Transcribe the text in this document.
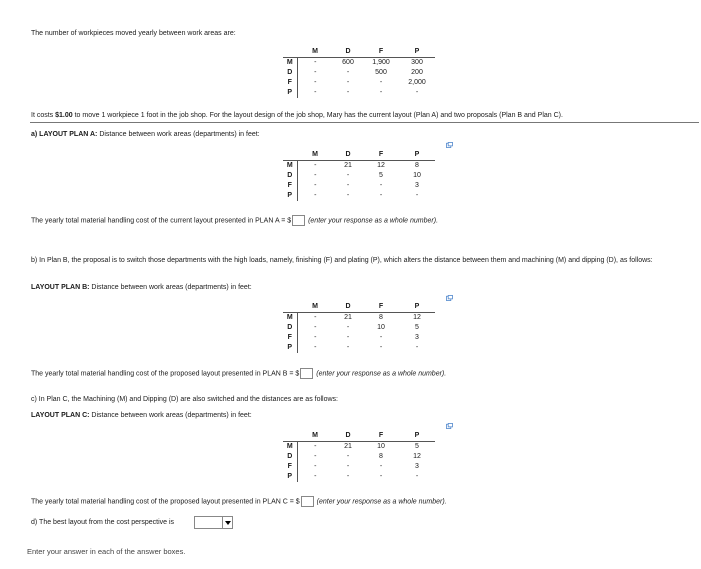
The number of workpieces moved yearly between work areas are:
	M	D	F	P
M	-	600	1,900	300
D	-	-	500	200
F	-	-	-	2,000
P	-	-	-	-
It costs $1.00 to move 1 workpiece 1 foot in the job shop. For the layout design of the job shop, Mary has the current layout (Plan A) and two proposals (Plan B and Plan C).
a) LAYOUT PLAN A: Distance between work areas (departments) in feet:
	M	D	F	P
M	-	21	12	8
D	-	-	5	10
F	-	-	-	3
P	-	-	-	-
The yearly total material handling cost of the current layout presented in PLAN A = $ (enter your response as a whole number).
b) In Plan B, the proposal is to switch those departments with the high loads, namely, finishing (F) and plating (P), which alters the distance between them and machining (M) and dipping (D), as follows:
LAYOUT PLAN B: Distance between work areas (departments) in feet:
	M	D	F	P
M	-	21	8	12
D	-	-	10	5
F	-	-	-	3
P	-	-	-	-
The yearly total material handling cost of the proposed layout presented in PLAN B = $ (enter your response as a whole number).
c) In Plan C, the Machining (M) and Dipping (D) are also switched and the distances are as follows:
LAYOUT PLAN C: Distance between work areas (departments) in feet:
	M	D	F	P
M	-	21	10	5
D	-	-	8	12
F	-	-	-	3
P	-	-	-	-
The yearly total material handling cost of the proposed layout presented in PLAN C = $ (enter your response as a whole number).
d) The best layout from the cost perspective is
Enter your answer in each of the answer boxes.
